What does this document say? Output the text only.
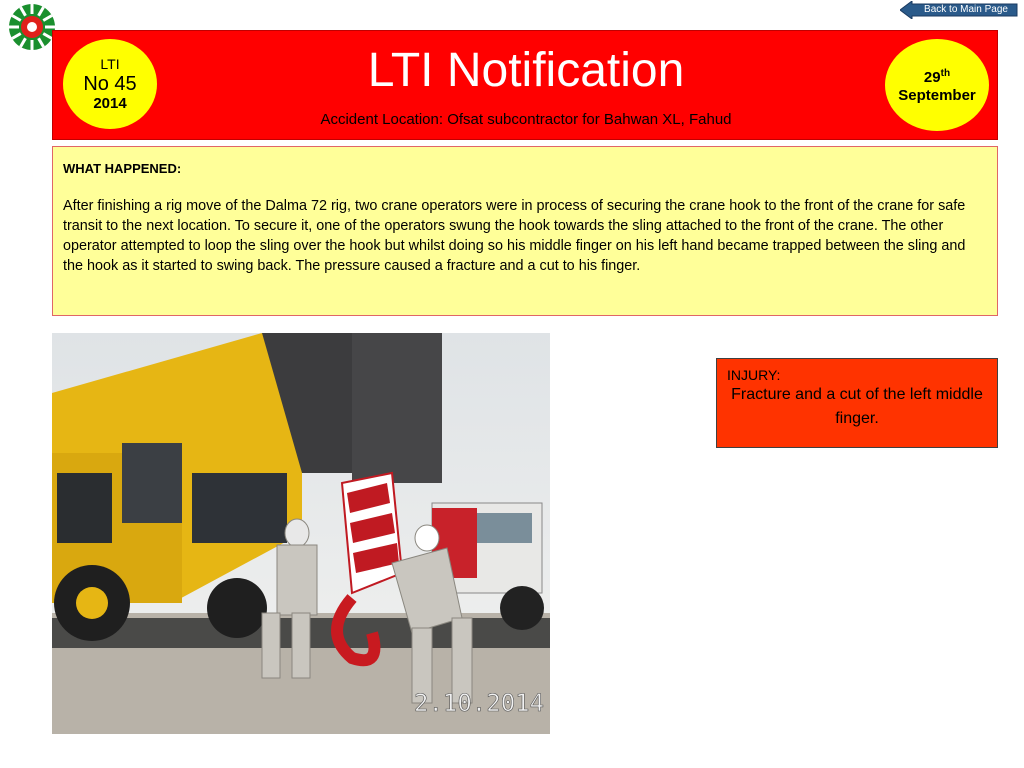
Back to Main Page
LTI
No 45
2014
LTI Notification
Accident Location: Ofsat subcontractor for Bahwan XL, Fahud
29th
September
WHAT HAPPENED:
After finishing a rig move of the Dalma 72 rig, two crane operators were in process of securing the crane hook to the front of the crane for safe transit to the next location. To secure it, one of the operators swung the hook towards the sling attached to the front of the crane. The other operator attempted to loop the sling over the hook but whilst doing so his middle finger on his left hand became trapped between the sling and the hook as it started to swing back. The pressure caused a fracture and a cut to his finger.
2.10.2014
INJURY:
Fracture and a cut of the left middle finger.
